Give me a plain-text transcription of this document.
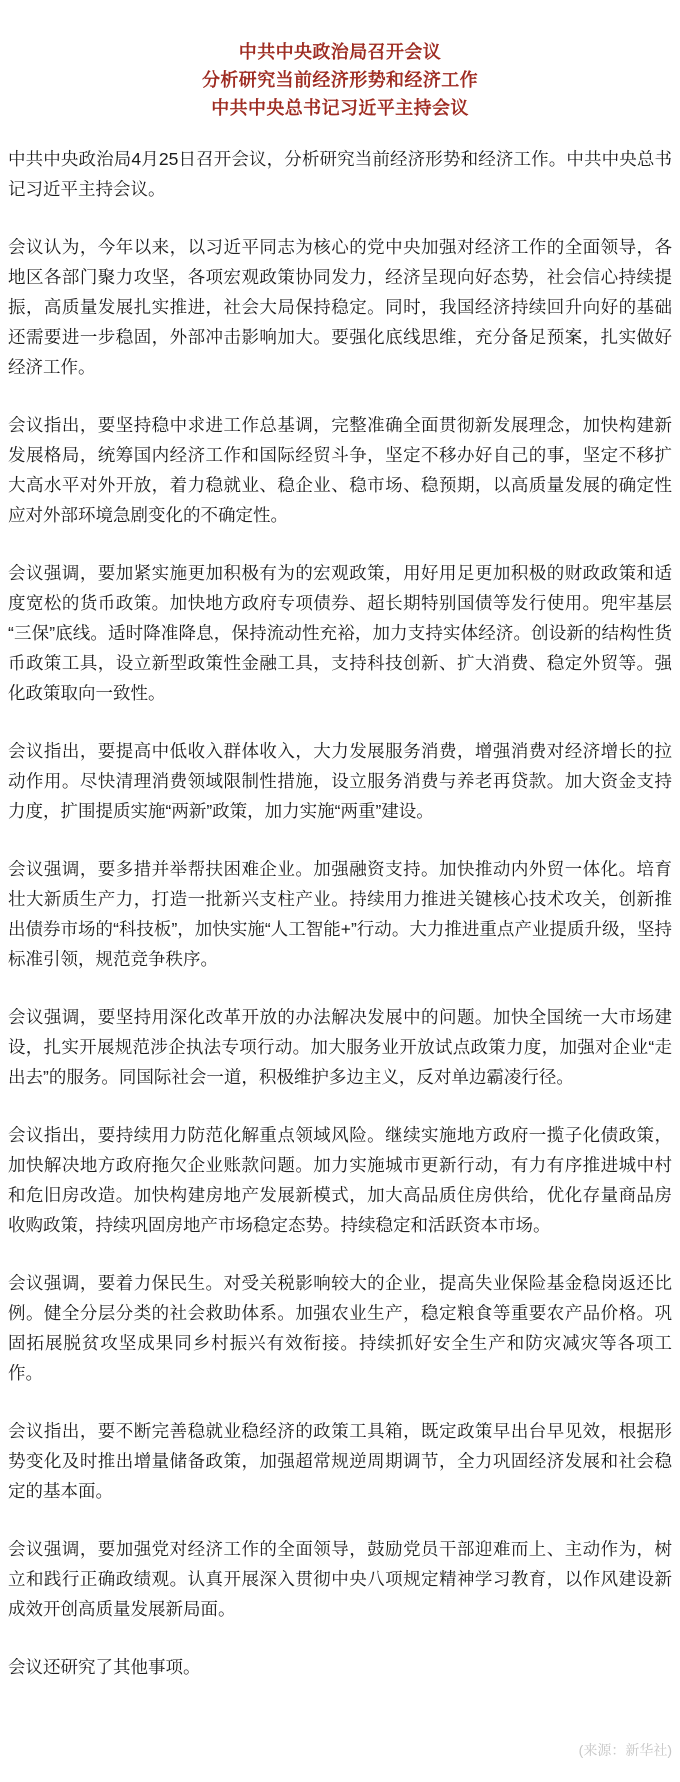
中共中央政治局召开会议
分析研究当前经济形势和经济工作
中共中央总书记习近平主持会议

中共中央政治局4月25日召开会议，分析研究当前经济形势和经济工作。中共中央总书记习近平主持会议。

会议认为，今年以来，以习近平同志为核心的党中央加强对经济工作的全面领导，各地区各部门聚力攻坚，各项宏观政策协同发力，经济呈现向好态势，社会信心持续提振，高质量发展扎实推进，社会大局保持稳定。同时，我国经济持续回升向好的基础还需要进一步稳固，外部冲击影响加大。要强化底线思维，充分备足预案，扎实做好经济工作。

会议指出，要坚持稳中求进工作总基调，完整准确全面贯彻新发展理念，加快构建新发展格局，统筹国内经济工作和国际经贸斗争，坚定不移办好自己的事，坚定不移扩大高水平对外开放，着力稳就业、稳企业、稳市场、稳预期，以高质量发展的确定性应对外部环境急剧变化的不确定性。

会议强调，要加紧实施更加积极有为的宏观政策，用好用足更加积极的财政政策和适度宽松的货币政策。加快地方政府专项债券、超长期特别国债等发行使用。兜牢基层“三保”底线。适时降准降息，保持流动性充裕，加力支持实体经济。创设新的结构性货币政策工具，设立新型政策性金融工具，支持科技创新、扩大消费、稳定外贸等。强化政策取向一致性。

会议指出，要提高中低收入群体收入，大力发展服务消费，增强消费对经济增长的拉动作用。尽快清理消费领域限制性措施，设立服务消费与养老再贷款。加大资金支持力度，扩围提质实施“两新”政策，加力实施“两重”建设。

会议强调，要多措并举帮扶困难企业。加强融资支持。加快推动内外贸一体化。培育壮大新质生产力，打造一批新兴支柱产业。持续用力推进关键核心技术攻关，创新推出债券市场的“科技板”，加快实施“人工智能+”行动。大力推进重点产业提质升级，坚持标准引领，规范竞争秩序。

会议强调，要坚持用深化改革开放的办法解决发展中的问题。加快全国统一大市场建设，扎实开展规范涉企执法专项行动。加大服务业开放试点政策力度，加强对企业“走出去”的服务。同国际社会一道，积极维护多边主义，反对单边霸凌行径。

会议指出，要持续用力防范化解重点领域风险。继续实施地方政府一揽子化债政策，加快解决地方政府拖欠企业账款问题。加力实施城市更新行动，有力有序推进城中村和危旧房改造。加快构建房地产发展新模式，加大高品质住房供给，优化存量商品房收购政策，持续巩固房地产市场稳定态势。持续稳定和活跃资本市场。

会议强调，要着力保民生。对受关税影响较大的企业，提高失业保险基金稳岗返还比例。健全分层分类的社会救助体系。加强农业生产，稳定粮食等重要农产品价格。巩固拓展脱贫攻坚成果同乡村振兴有效衔接。持续抓好安全生产和防灾减灾等各项工作。

会议指出，要不断完善稳就业稳经济的政策工具箱，既定政策早出台早见效，根据形势变化及时推出增量储备政策，加强超常规逆周期调节，全力巩固经济发展和社会稳定的基本面。

会议强调，要加强党对经济工作的全面领导，鼓励党员干部迎难而上、主动作为，树立和践行正确政绩观。认真开展深入贯彻中央八项规定精神学习教育，以作风建设新成效开创高质量发展新局面。

会议还研究了其他事项。

(来源：新华社)
